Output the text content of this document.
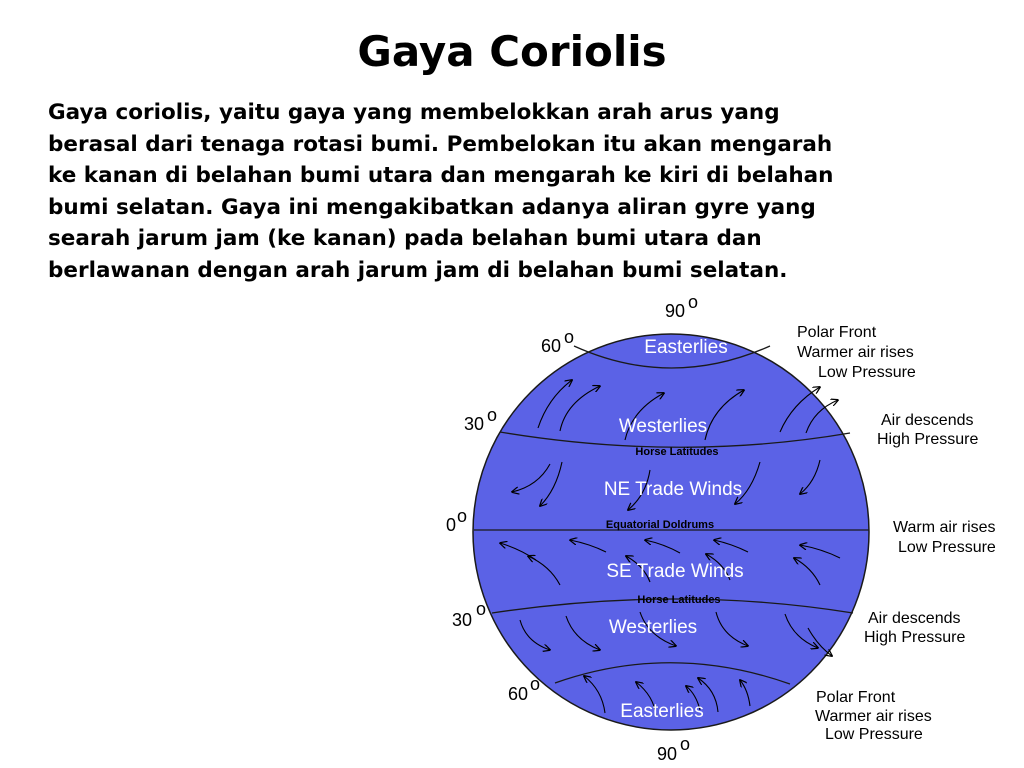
Gaya Coriolis
Gaya coriolis, yaitu gaya yang membelokkan arah arus yang
berasal dari tenaga rotasi bumi. Pembelokan itu akan mengarah
ke kanan di belahan bumi utara dan mengarah ke kiri di belahan
bumi selatan. Gaya ini mengakibatkan adanya aliran gyre yang
searah jarum jam (ke kanan) pada belahan bumi utara dan
berlawanan dengan arah jarum jam di belahan bumi selatan.
Easterlies
Westerlies
NE Trade Winds
SE Trade Winds
Westerlies
Easterlies
Horse Latitudes
Equatorial Doldrums
Horse Latitudes
90 o
60 o
30 o
0 o
30
o
60 o
90 o
Polar Front
Warmer air rises
Low Pressure
Air descends
High Pressure
Warm air rises
Low Pressure
Air descends
High Pressure
Polar Front
Warmer air rises
Low Pressure
